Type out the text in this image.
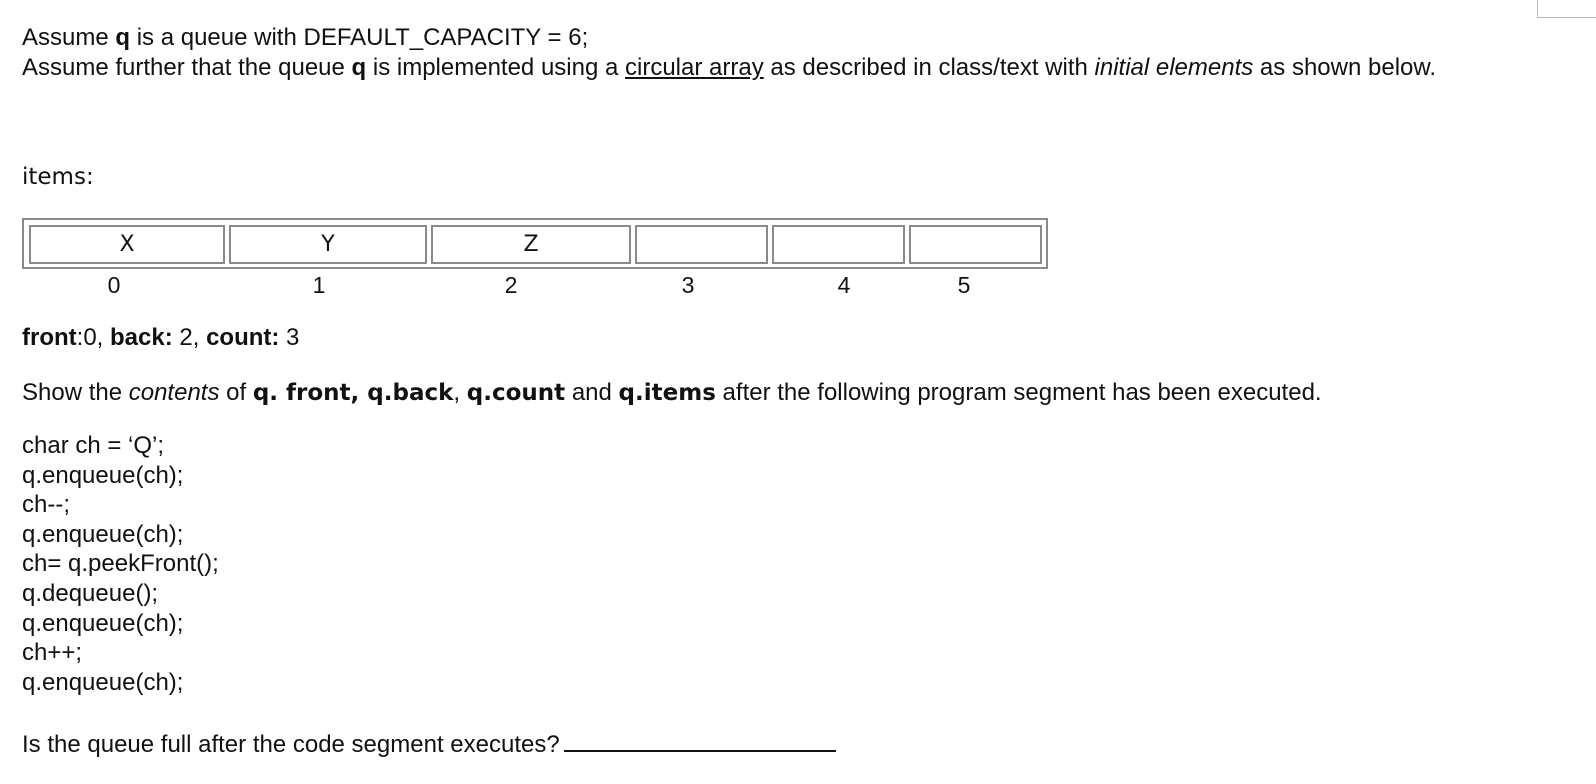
Assume q is a queue with DEFAULT_CAPACITY = 6;
Assume further that the queue q is implemented using a circular array as described in class/text with initial elements as shown below.
items:
X	Y	Z
0	1	2	3	4	5
front:0, back: 2, count: 3
Show the contents of q. front, q.back, q.count and q.items after the following program segment has been executed.
char ch = ‘Q’;
q.enqueue(ch);
ch--;
q.enqueue(ch);
ch= q.peekFront();
q.dequeue();
q.enqueue(ch);
ch++;
q.enqueue(ch);
Is the queue full after the code segment executes?
